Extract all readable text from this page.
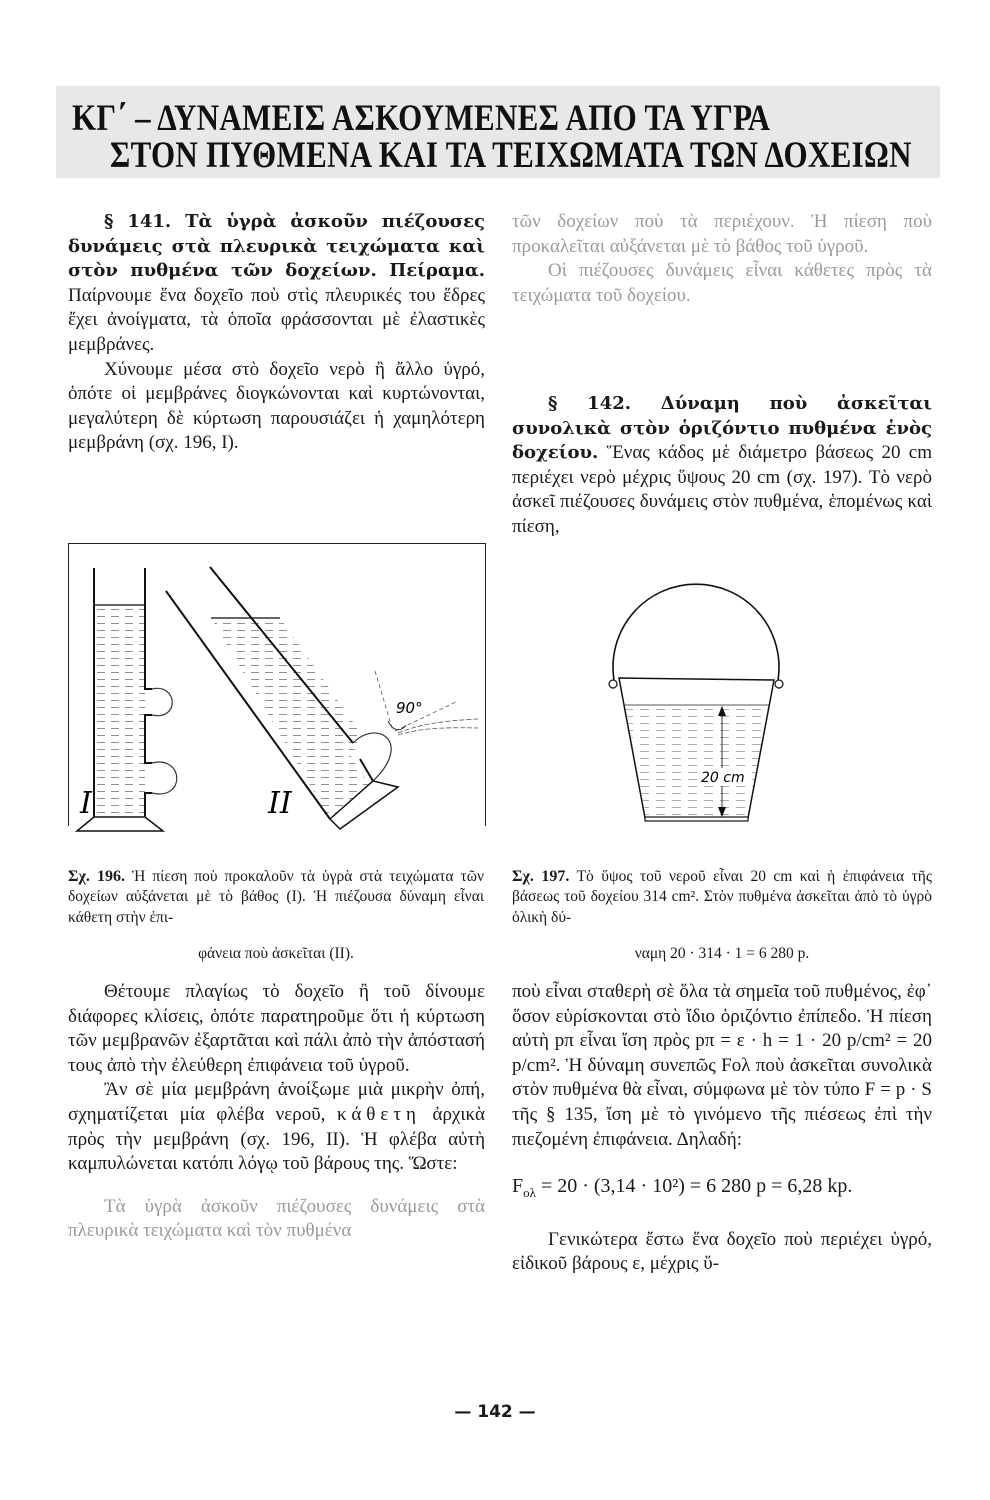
ΚΓ΄ – ΔΥΝΑΜΕΙΣ ΑΣΚΟΥΜΕΝΕΣ ΑΠΟ ΤΑ ΥΓΡΑ
ΣΤΟΝ ΠΥΘΜΕΝΑ ΚΑΙ ΤΑ ΤΕΙΧΩΜΑΤΑ ΤΩΝ ΔΟΧΕΙΩΝ

§ 141. Τὰ ὑγρὰ ἀσκοῦν πιέζουσες δυνάμεις στὰ πλευρικὰ τειχώματα καὶ στὸν πυθμένα τῶν δοχείων. Πείραμα. Παίρνουμε ἕνα δοχεῖο ποὺ στὶς πλευρικές του ἕδρες ἔχει ἀνοίγματα, τὰ ὁποῖα φράσσονται μὲ ἐλαστικὲς μεμβράνες.

Χύνουμε μέσα στὸ δοχεῖο νερὸ ἢ ἄλλο ὑγρό, ὁπότε οἱ μεμβράνες διογκώνονται καὶ κυρτώνονται, μεγαλύτερη δὲ κύρτωση παρουσιάζει ἡ χαμηλότερη μεμβράνη (σχ. 196, I).

τῶν δοχείων ποὺ τὰ περιέχουν. Ἡ πίεση ποὺ προκαλεῖται αὐξάνεται μὲ τὸ βάθος τοῦ ὑγροῦ.

Οἱ πιέζουσες δυνάμεις εἶναι κάθετες πρὸς τὰ τειχώματα τοῦ δοχείου.

§ 142. Δύναμη ποὺ ἀσκεῖται συνολικὰ στὸν ὁριζόντιο πυθμένα ἑνὸς δοχείου. Ἕνας κάδος μὲ διάμετρο βάσεως 20 cm περιέχει νερὸ μέχρις ὕψους 20 cm (σχ. 197). Τὸ νερὸ ἀσκεῖ πιέζουσες δυνάμεις στὸν πυθμένα, ἑπομένως καὶ πίεση,

I	II
90°
20 cm

Σχ. 196. Ἡ πίεση ποὺ προκαλοῦν τὰ ὑγρὰ στὰ τειχώματα τῶν δοχείων αὐξάνεται μὲ τὸ βάθος (I). Ἡ πιέζουσα δύναμη εἶναι κάθετη στὴν ἐπι-

φάνεια ποὺ ἀσκεῖται (II).

Σχ. 197. Τὸ ὕψος τοῦ νεροῦ εἶναι 20 cm καὶ ἡ ἐπιφάνεια τῆς βάσεως τοῦ δοχείου 314 cm². Στὸν πυθμένα ἀσκεῖται ἀπὸ τὸ ὑγρὸ ὁλικὴ δύ-

ναμη 20 · 314 · 1 = 6 280 p.

Θέτουμε πλαγίως τὸ δοχεῖο ἢ τοῦ δίνουμε διάφορες κλίσεις, ὁπότε παρατηροῦμε ὅτι ἡ κύρτωση τῶν μεμβρανῶν ἐξαρτᾶται καὶ πάλι ἀπὸ τὴν ἀπόστασή τους ἀπὸ τὴν ἐλεύθερη ἐπιφάνεια τοῦ ὑγροῦ.

Ἂν σὲ μία μεμβράνη ἀνοίξωμε μιὰ μικρὴν ὀπή, σχηματίζεται μία φλέβα νεροῦ, κάθετη ἀρχικὰ πρὸς τὴν μεμβράνη (σχ. 196, II). Ἡ φλέβα αὐτὴ καμπυλώνεται κατόπι λόγῳ τοῦ βάρους της. Ὥστε:

Τὰ ὑγρὰ ἀσκοῦν πιέζουσες δυνάμεις στὰ πλευρικὰ τειχώματα καὶ τὸν πυθμένα

ποὺ εἶναι σταθερὴ σὲ ὅλα τὰ σημεῖα τοῦ πυθμένος, ἐφ᾽ ὅσον εὑρίσκονται στὸ ἴδιο ὁριζόντιο ἐπίπεδο. Ἡ πίεση αὐτὴ pπ εἶναι ἴση πρὸς pπ = ε · h = 1 · 20 p/cm² = 20 p/cm². Ἡ δύναμη συνεπῶς Fολ ποὺ ἀσκεῖται συνολικὰ στὸν πυθμένα θὰ εἶναι, σύμφωνα μὲ τὸν τύπο F = p · S τῆς § 135, ἴση μὲ τὸ γινόμενο τῆς πιέσεως ἐπὶ τὴν πιεζομένη ἐπιφάνεια. Δηλαδή:

$F_{o\lambda} = 20 \cdot (3,14 \cdot 10^2) = 6$ 280 p = 6,28 kp.

Γενικώτερα ἔστω ἕνα δοχεῖο ποὺ περιέχει ὑγρό, εἰδικοῦ βάρους ε, μέχρις ὕ-

— 142 —
